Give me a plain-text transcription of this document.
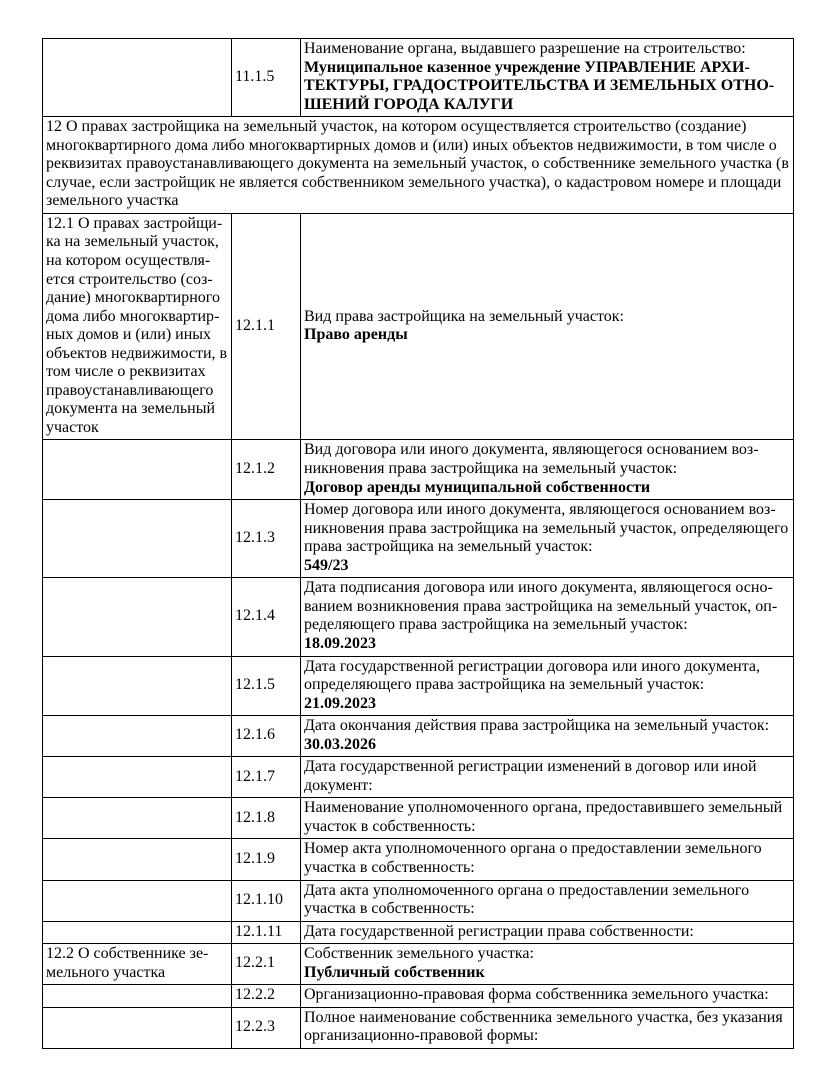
	11.1.5	Наименование органа, выдавшего разрешение на строительство:
Муниципальное казенное учреждение УПРАВЛЕНИЕ АРХИТЕКТУРЫ, ГРАДОСТРОИТЕЛЬСТВА И ЗЕМЕЛЬНЫХ ОТНОШЕНИЙ ГОРОДА КАЛУГИ

12 О правах застройщика на земельный участок, на котором осуществляется строительство (создание) многоквартирного дома либо многоквартирных домов и (или) иных объектов недвижимости, в том числе о реквизитах правоустанавливающего документа на земельный участок, о собственнике земельного участка (в случае, если застройщик не является собственником земельного участка), о кадастровом номере и площади земельного участка		
12.1 О правах застройщика на земельный участок, на котором осуществляется строительство (создание) многоквартирного дома либо многоквартирных домов и (или) иных объектов недвижимости, в том числе о реквизитах правоустанавливающего документа на земельный участок	12.1.1	Вид права застройщика на земельный участок:
Право аренды

	12.1.2	Вид договора или иного документа, являющегося основанием возникновения права застройщика на земельный участок:
Договор аренды муниципальной собственности

	12.1.3	Номер договора или иного документа, являющегося основанием возникновения права застройщика на земельный участок, определяющего права застройщика на земельный участок:
549/23

	12.1.4	Дата подписания договора или иного документа, являющегося основанием возникновения права застройщика на земельный участок, определяющего права застройщика на земельный участок:
18.09.2023

	12.1.5	Дата государственной регистрации договора или иного документа, определяющего права застройщика на земельный участок:
21.09.2023

	12.1.6	Дата окончания действия права застройщика на земельный участок:
30.03.2026

	12.1.7	Дата государственной регистрации изменений в договор или иной документ:

	12.1.8	Наименование уполномоченного органа, предоставившего земельный участок в собственность:

	12.1.9	Номер акта уполномоченного органа о предоставлении земельного участка в собственность:

	12.1.10	Дата акта уполномоченного органа о предоставлении земельного участка в собственность:

	12.1.11	Дата государственной регистрации права собственности:

12.2 О собственнике земельного участка	12.2.1	Собственник земельного участка:
Публичный собственник

	12.2.2	Организационно-правовая форма собственника земельного участка:

	12.2.3	Полное наименование собственника земельного участка, без указания организационно-правовой формы:
